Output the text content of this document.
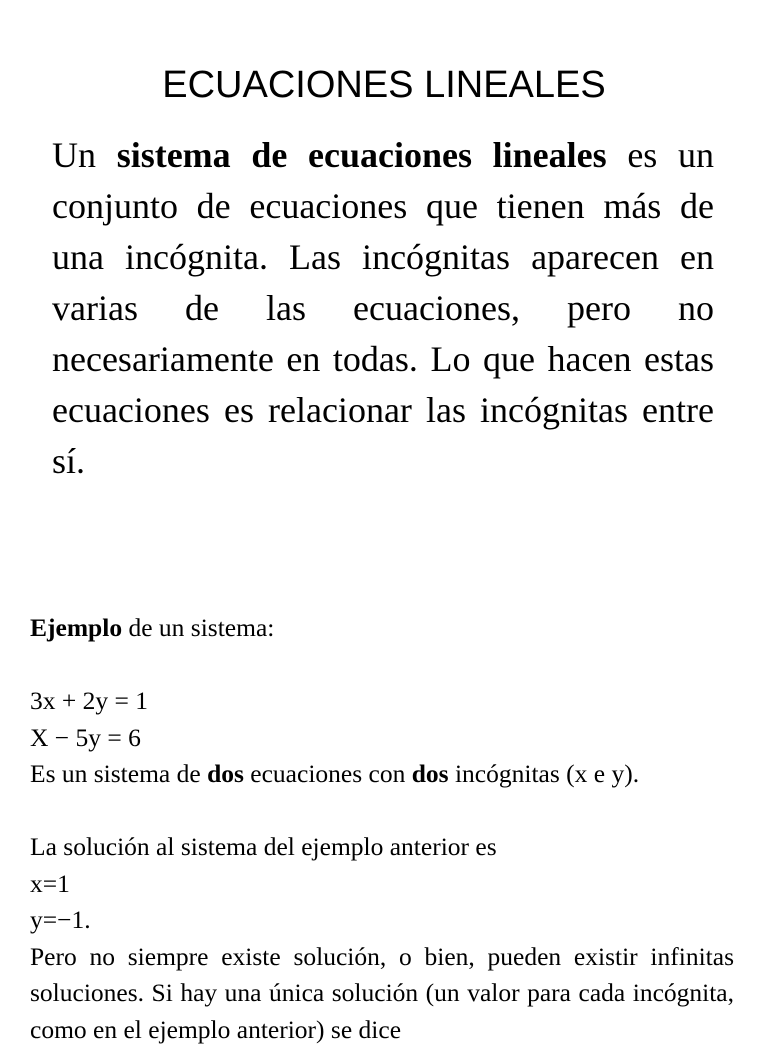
ECUACIONES LINEALES

Un sistema de ecuaciones lineales es un conjunto de ecuaciones que tienen más de una incógnita. Las incógnitas aparecen en varias de las ecuaciones, pero no necesariamente en todas. Lo que hacen estas ecuaciones es relacionar las incógnitas entre sí.

Ejemplo de un sistema:

3x + 2y = 1

X − 5y = 6

Es un sistema de dos ecuaciones con dos incógnitas (x e y).

La solución al sistema del ejemplo anterior es

x=1

y=−1.

Pero no siempre existe solución, o bien, pueden existir infinitas soluciones. Si hay una única solución (un valor para cada incógnita, como en el ejemplo anterior) se dice
